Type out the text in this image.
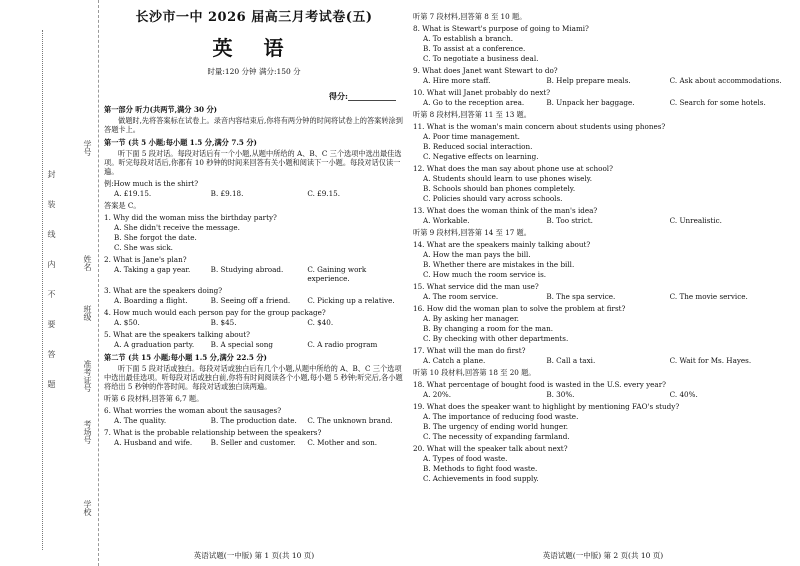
学号
姓名
班级
准考证号
封
装
线
内
不
要
答
题
考场号
学校
长沙市一中 2026 届高三月考试卷(五)
英 语
时量:120 分钟 满分:150 分
得分:____________
第一部分 听力(共两节,满分 30 分)
做题时,先将答案标在试卷上。录音内容结束后,你将有两分钟的时间将试卷上的答案转涂到答题卡上。
第一节 (共 5 小题;每小题 1.5 分,满分 7.5 分)
听下面 5 段对话。每段对话后有一个小题,从题中所给的 A、B、C 三个选项中选出最佳选项。听完每段对话后,你都有 10 秒钟的时间来回答有关小题和阅读下一小题。每段对话仅读一遍。
例:How much is the shirt?
A. £19.15.	B. £9.18.	C. £9.15.
答案是 C。
1. Why did the woman miss the birthday party?
A. She didn't receive the message.
B. She forgot the date.
C. She was sick.
2. What is Jane's plan?
A. Taking a gap year.	B. Studying abroad.	C. Gaining work experience.
3. What are the speakers doing?
A. Boarding a flight.	B. Seeing off a friend.	C. Picking up a relative.
4. How much would each person pay for the group package?
A. $50.	B. $45.	C. $40.
5. What are the speakers talking about?
A. A graduation party.	B. A special song	C. A radio program
第二节 (共 15 小题;每小题 1.5 分,满分 22.5 分)
听下面 5 段对话或独白。每段对话或独白后有几个小题,从题中所给的 A、B、C 三个选项中选出最佳选项。听每段对话或独白前,你将有时间阅读各个小题,每小题 5 秒钟;听完后,各小题将给出 5 秒钟的作答时间。每段对话或独白读两遍。
听第 6 段材料,回答第 6,7 题。
6. What worries the woman about the sausages?
A. The quality.	B. The production date.	C. The unknown brand.
7. What is the probable relationship between the speakers?
A. Husband and wife.	B. Seller and customer.	C. Mother and son.
英语试题(一中版) 第 1 页(共 10 页)
听第 7 段材料,回答第 8 至 10 题。
8. What is Stewart's purpose of going to Miami?
A. To establish a branch.
B. To assist at a conference.
C. To negotiate a business deal.
9. What does Janet want Stewart to do?
A. Hire more staff.	B. Help prepare meals.	C. Ask about accommodations.
10. What will Janet probably do next?
A. Go to the reception area.	B. Unpack her baggage.	C. Search for some hotels.
听第 8 段材料,回答第 11 至 13 题。
11. What is the woman's main concern about students using phones?
A. Poor time management.
B. Reduced social interaction.
C. Negative effects on learning.
12. What does the man say about phone use at school?
A. Students should learn to use phones wisely.
B. Schools should ban phones completely.
C. Policies should vary across schools.
13. What does the woman think of the man's idea?
A. Workable.	B. Too strict.	C. Unrealistic.
听第 9 段材料,回答第 14 至 17 题。
14. What are the speakers mainly talking about?
A. How the man pays the bill.
B. Whether there are mistakes in the bill.
C. How much the room service is.
15. What service did the man use?
A. The room service.	B. The spa service.	C. The movie service.
16. How did the woman plan to solve the problem at first?
A. By asking her manager.
B. By changing a room for the man.
C. By checking with other departments.
17. What will the man do first?
A. Catch a plane.	B. Call a taxi.	C. Wait for Ms. Hayes.
听第 10 段材料,回答第 18 至 20 题。
18. What percentage of bought food is wasted in the U.S. every year?
A. 20%.	B. 30%.	C. 40%.
19. What does the speaker want to highlight by mentioning FAO's study?
A. The importance of reducing food waste.
B. The urgency of ending world hunger.
C. The necessity of expanding farmland.
20. What will the speaker talk about next?
A. Types of food waste.
B. Methods to fight food waste.
C. Achievements in food supply.
英语试题(一中版) 第 2 页(共 10 页)
